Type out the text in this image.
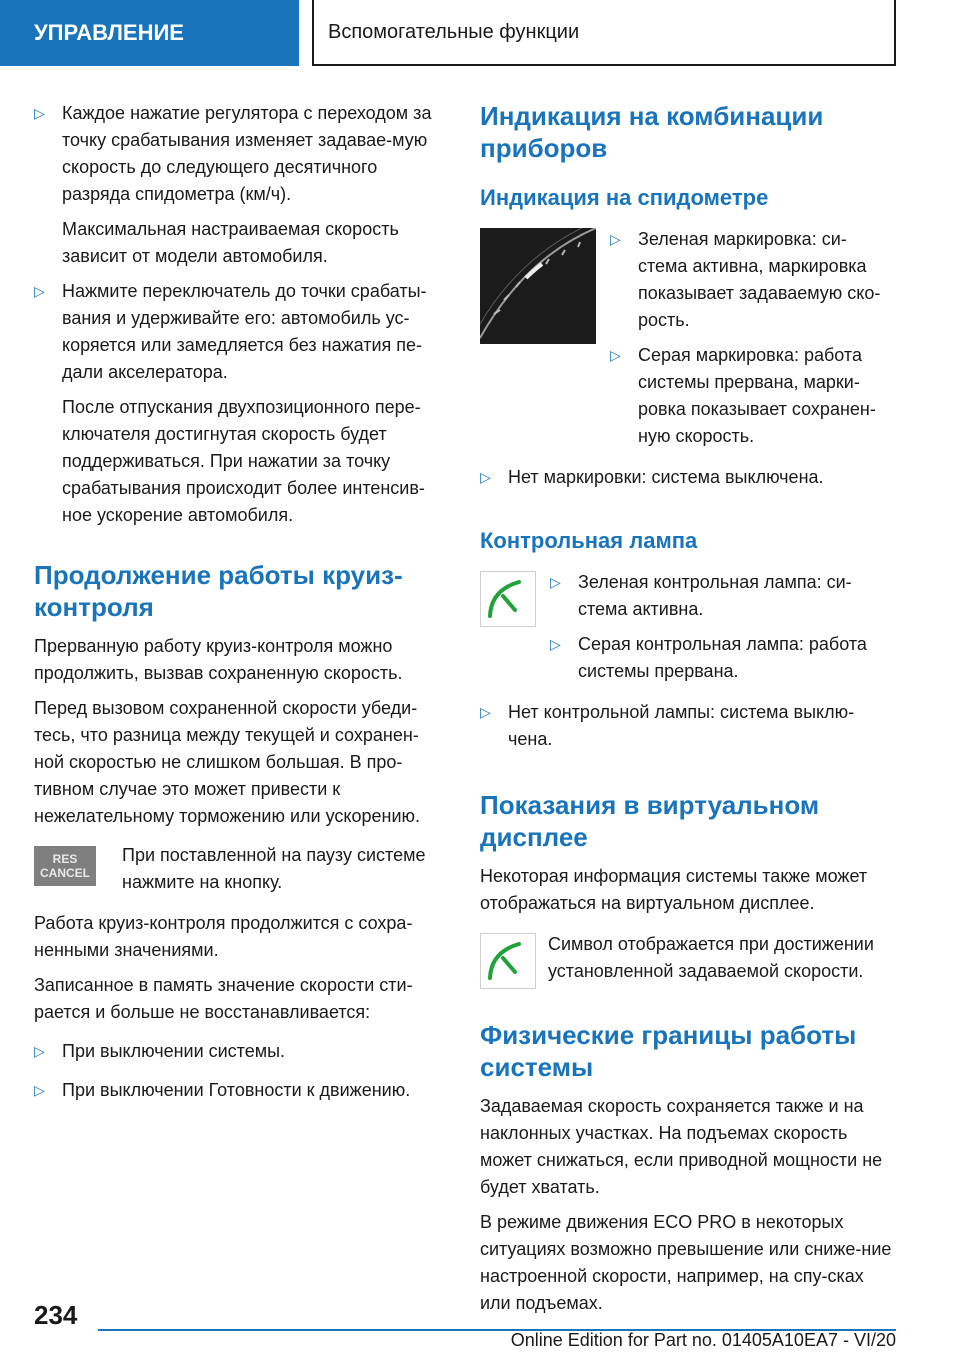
УПРАВЛЕНИЕ	Вспомогательные функции
▷ Каждое нажатие регулятора с переходом за точку срабатывания изменяет задавае-мую скорость до следующего десятичного разряда спидометра (км/ч).

Максимальная настраиваемая скорость зависит от модели автомобиля.

▷ Нажмите переключатель до точки срабаты-вания и удерживайте его: автомобиль ус-коряется или замедляется без нажатия пе-дали акселератора.

После отпускания двухпозиционного пере-ключателя достигнутая скорость будет поддерживаться. При нажатии за точку срабатывания происходит более интенсив-ное ускорение автомобиля.

Продолжение работы круиз-контроля

Прерванную работу круиз-контроля можно продолжить, вызвав сохраненную скорость.

Перед вызовом сохраненной скорости убеди-тесь, что разница между текущей и сохранен-ной скоростью не слишком большая. В про-тивном случае это может привести к нежелательному торможению или ускорению.

RES
CANCEL

При поставленной на паузу системе нажмите на кнопку.

Работа круиз-контроля продолжится с сохра-ненными значениями.

Записанное в память значение скорости сти-рается и больше не восстанавливается:

▷ При выключении системы.
▷ При выключении Готовности к движению.
Индикация на комбинации приборов
Индикация на спидометре
▷ Зеленая маркировка: си-стема активна, маркировка показывает задаваемую ско-рость.
▷ Серая маркировка: работа системы прервана, марки-ровка показывает сохранен-ную скорость.
▷ Нет маркировки: система выключена.
Контрольная лампа
▷ Зеленая контрольная лампа: си-стема активна.
▷ Серая контрольная лампа: работа системы прервана.
▷ Нет контрольной лампы: система выклю-чена.
Показания в виртуальном дисплее

Некоторая информация системы также может отображаться на виртуальном дисплее.

Символ отображается при достижении установленной задаваемой скорости.

Физические границы работы системы

Задаваемая скорость сохраняется также и на наклонных участках. На подъемах скорость может снижаться, если приводной мощности не будет хватать.

В режиме движения ECO PRO в некоторых ситуациях возможно превышение или сниже-ние настроенной скорости, например, на спу-сках или подъемах.

234
Online Edition for Part no. 01405A10EA7 - VI/20
